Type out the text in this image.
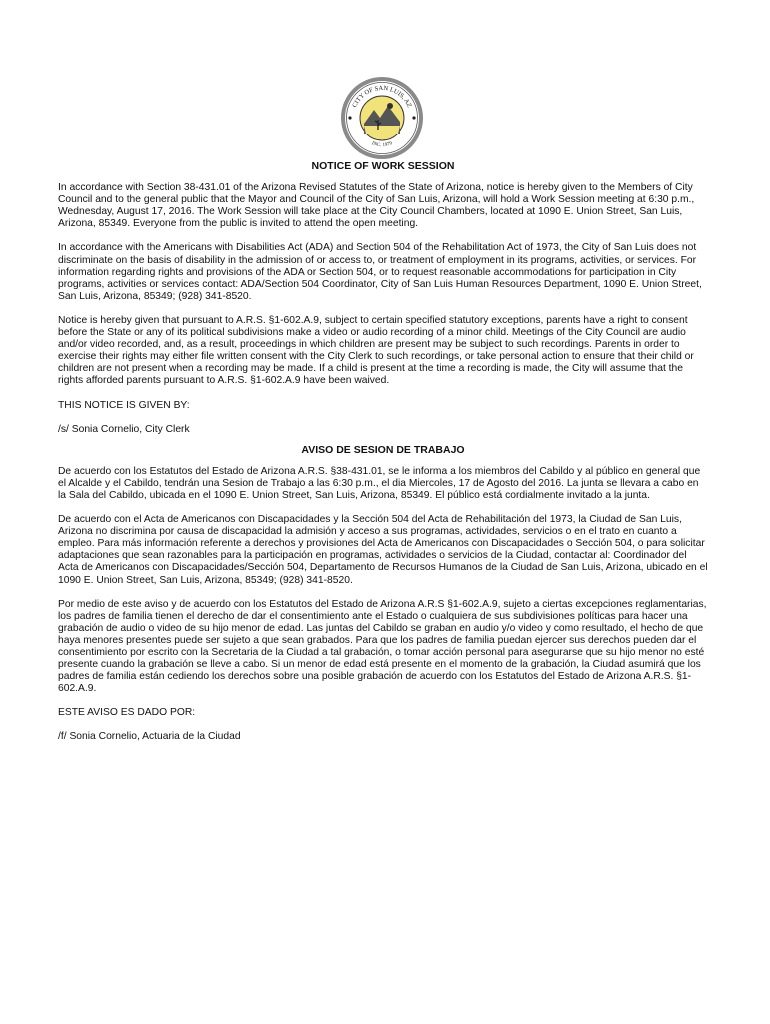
CITY OF SAN LUIS, AZ
INC. 1979
NOTICE OF WORK SESSION

In accordance with Section 38-431.01 of the Arizona Revised Statutes of the State of Arizona, notice is hereby given to the Members of City Council and to the general public that the Mayor and Council of the City of San Luis, Arizona, will hold a Work Session meeting at 6:30 p.m., Wednesday, August 17, 2016. The Work Session will take place at the City Council Chambers, located at 1090 E. Union Street, San Luis, Arizona, 85349. Everyone from the public is invited to attend the open meeting.

In accordance with the Americans with Disabilities Act (ADA) and Section 504 of the Rehabilitation Act of 1973, the City of San Luis does not discriminate on the basis of disability in the admission of or access to, or treatment of employment in its programs, activities, or services. For information regarding rights and provisions of the ADA or Section 504, or to request reasonable accommodations for participation in City programs, activities or services contact: ADA/Section 504 Coordinator, City of San Luis Human Resources Department, 1090 E. Union Street, San Luis, Arizona, 85349; (928) 341-8520.

Notice is hereby given that pursuant to A.R.S. §1-602.A.9, subject to certain specified statutory exceptions, parents have a right to consent before the State or any of its political subdivisions make a video or audio recording of a minor child. Meetings of the City Council are audio and/or video recorded, and, as a result, proceedings in which children are present may be subject to such recordings. Parents in order to exercise their rights may either file written consent with the City Clerk to such recordings, or take personal action to ensure that their child or children are not present when a recording may be made. If a child is present at the time a recording is made, the City will assume that the rights afforded parents pursuant to A.R.S. §1-602.A.9 have been waived.

THIS NOTICE IS GIVEN BY:

/s/ Sonia Cornelio, City Clerk

AVISO DE SESION DE TRABAJO

De acuerdo con los Estatutos del Estado de Arizona A.R.S. §38-431.01, se le informa a los miembros del Cabildo y al público en general que el Alcalde y el Cabildo, tendrán una Sesion de Trabajo a las 6:30 p.m., el dia Miercoles, 17 de Agosto del 2016. La junta se llevara a cabo en la Sala del Cabildo, ubicada en el 1090 E. Union Street, San Luis, Arizona, 85349. El público está cordialmente invitado a la junta.

De acuerdo con el Acta de Americanos con Discapacidades y la Sección 504 del Acta de Rehabilitación del 1973, la Ciudad de San Luis, Arizona no discrimina por causa de discapacidad la admisión y acceso a sus programas, actividades, servicios o en el trato en cuanto a empleo. Para más información referente a derechos y provisiones del Acta de Americanos con Discapacidades o Sección 504, o para solicitar adaptaciones que sean razonables para la participación en programas, actividades o servicios de la Ciudad, contactar al: Coordinador del Acta de Americanos con Discapacidades/Sección 504, Departamento de Recursos Humanos de la Ciudad de San Luis, Arizona, ubicado en el 1090 E. Union Street, San Luis, Arizona, 85349; (928) 341-8520.

Por medio de este aviso y de acuerdo con los Estatutos del Estado de Arizona A.R.S §1-602.A.9, sujeto a ciertas excepciones reglamentarias, los padres de familia tienen el derecho de dar el consentimiento ante el Estado o cualquiera de sus subdivisiones políticas para hacer una grabación de audio o video de su hijo menor de edad. Las juntas del Cabildo se graban en audio y/o video y como resultado, el hecho de que haya menores presentes puede ser sujeto a que sean grabados. Para que los padres de familia puedan ejercer sus derechos pueden dar el consentimiento por escrito con la Secretaria de la Ciudad a tal grabación, o tomar acción personal para asegurarse que su hijo menor no esté presente cuando la grabación se lleve a cabo. Si un menor de edad está presente en el momento de la grabación, la Ciudad asumirá que los padres de familia están cediendo los derechos sobre una posible grabación de acuerdo con los Estatutos del Estado de Arizona A.R.S. §1-602.A.9.

ESTE AVISO ES DADO POR:

/f/ Sonia Cornelio, Actuaria de la Ciudad
